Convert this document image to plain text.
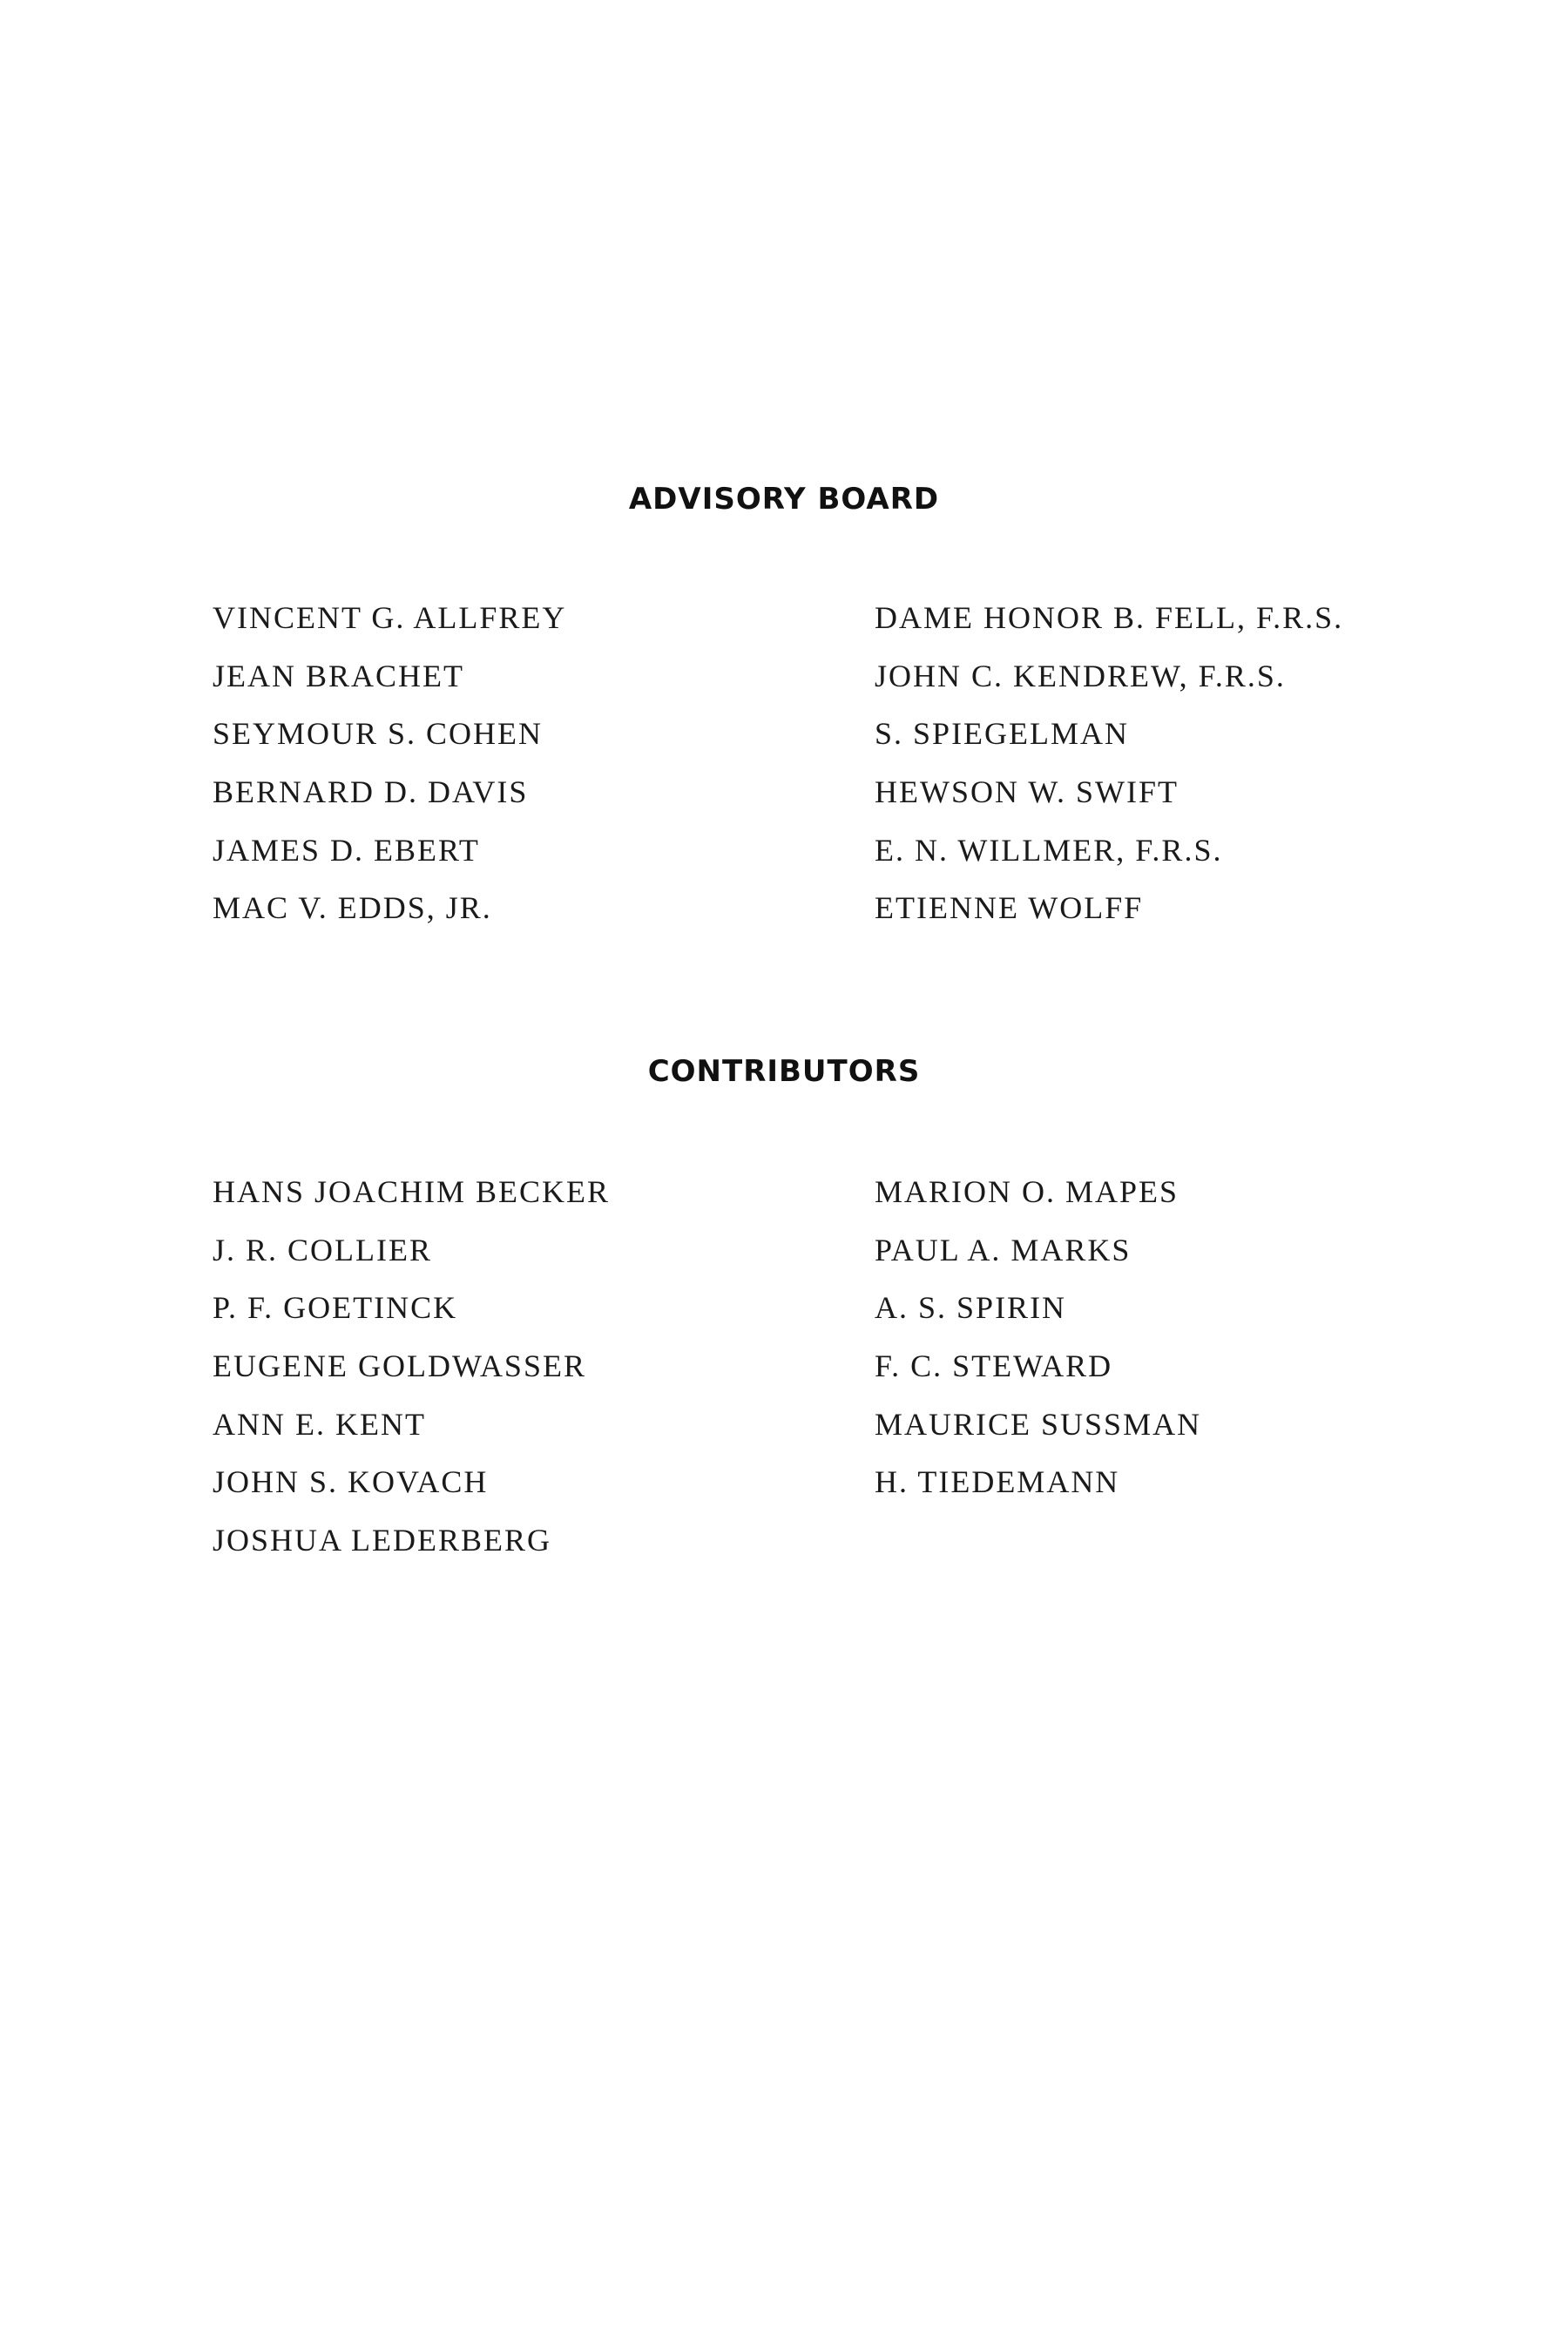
ADVISORY BOARD
VINCENT G. ALLFREY
JEAN BRACHET
SEYMOUR S. COHEN
BERNARD D. DAVIS
JAMES D. EBERT
MAC V. EDDS, JR.
DAME HONOR B. FELL, F.R.S.
JOHN C. KENDREW, F.R.S.
S. SPIEGELMAN
HEWSON W. SWIFT
E. N. WILLMER, F.R.S.
ETIENNE WOLFF
CONTRIBUTORS
HANS JOACHIM BECKER
J. R. COLLIER
P. F. GOETINCK
EUGENE GOLDWASSER
ANN E. KENT
JOHN S. KOVACH
JOSHUA LEDERBERG
MARION O. MAPES
PAUL A. MARKS
A. S. SPIRIN
F. C. STEWARD
MAURICE SUSSMAN
H. TIEDEMANN
